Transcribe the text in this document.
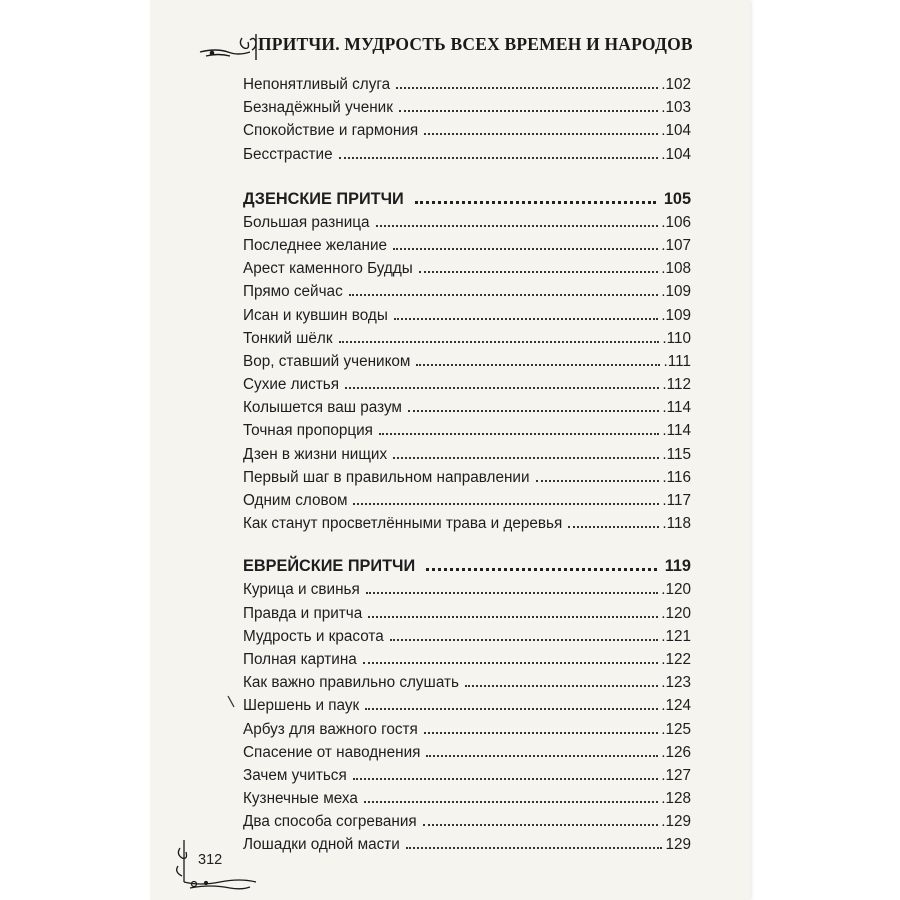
ПРИТЧИ. МУДРОСТЬ ВСЕХ ВРЕМЕН И НАРОДОВ
Непонятливый слуга	.102
Безнадёжный ученик	.103
Спокойствие и гармония	.104
Бесстрастие	.104
ДЗЕНСКИЕ ПРИТЧИ	105
Большая разница	.106
Последнее желание	.107
Арест каменного Будды	.108
Прямо сейчас	.109
Исан и кувшин воды	.109
Тонкий шёлк	.110
Вор, ставший учеником	.111
Сухие листья	.112
Колышется ваш разум	.114
Точная пропорция	.114
Дзен в жизни нищих	.115
Первый шаг в правильном направлении	.116
Одним словом	.117
Как станут просветлёнными трава и деревья	.118
ЕВРЕЙСКИЕ ПРИТЧИ	119
Курица и свинья	.120
Правда и притча	.120
Мудрость и красота	.121
Полная картина	.122
Как важно правильно слушать	.123
Шершень и паук	.124
Арбуз для важного гостя	.125
Спасение от наводнения	.126
Зачем учиться	.127
Кузнечные меха	.128
Два способа согревания	.129
Лошадки одной масти	129
312
